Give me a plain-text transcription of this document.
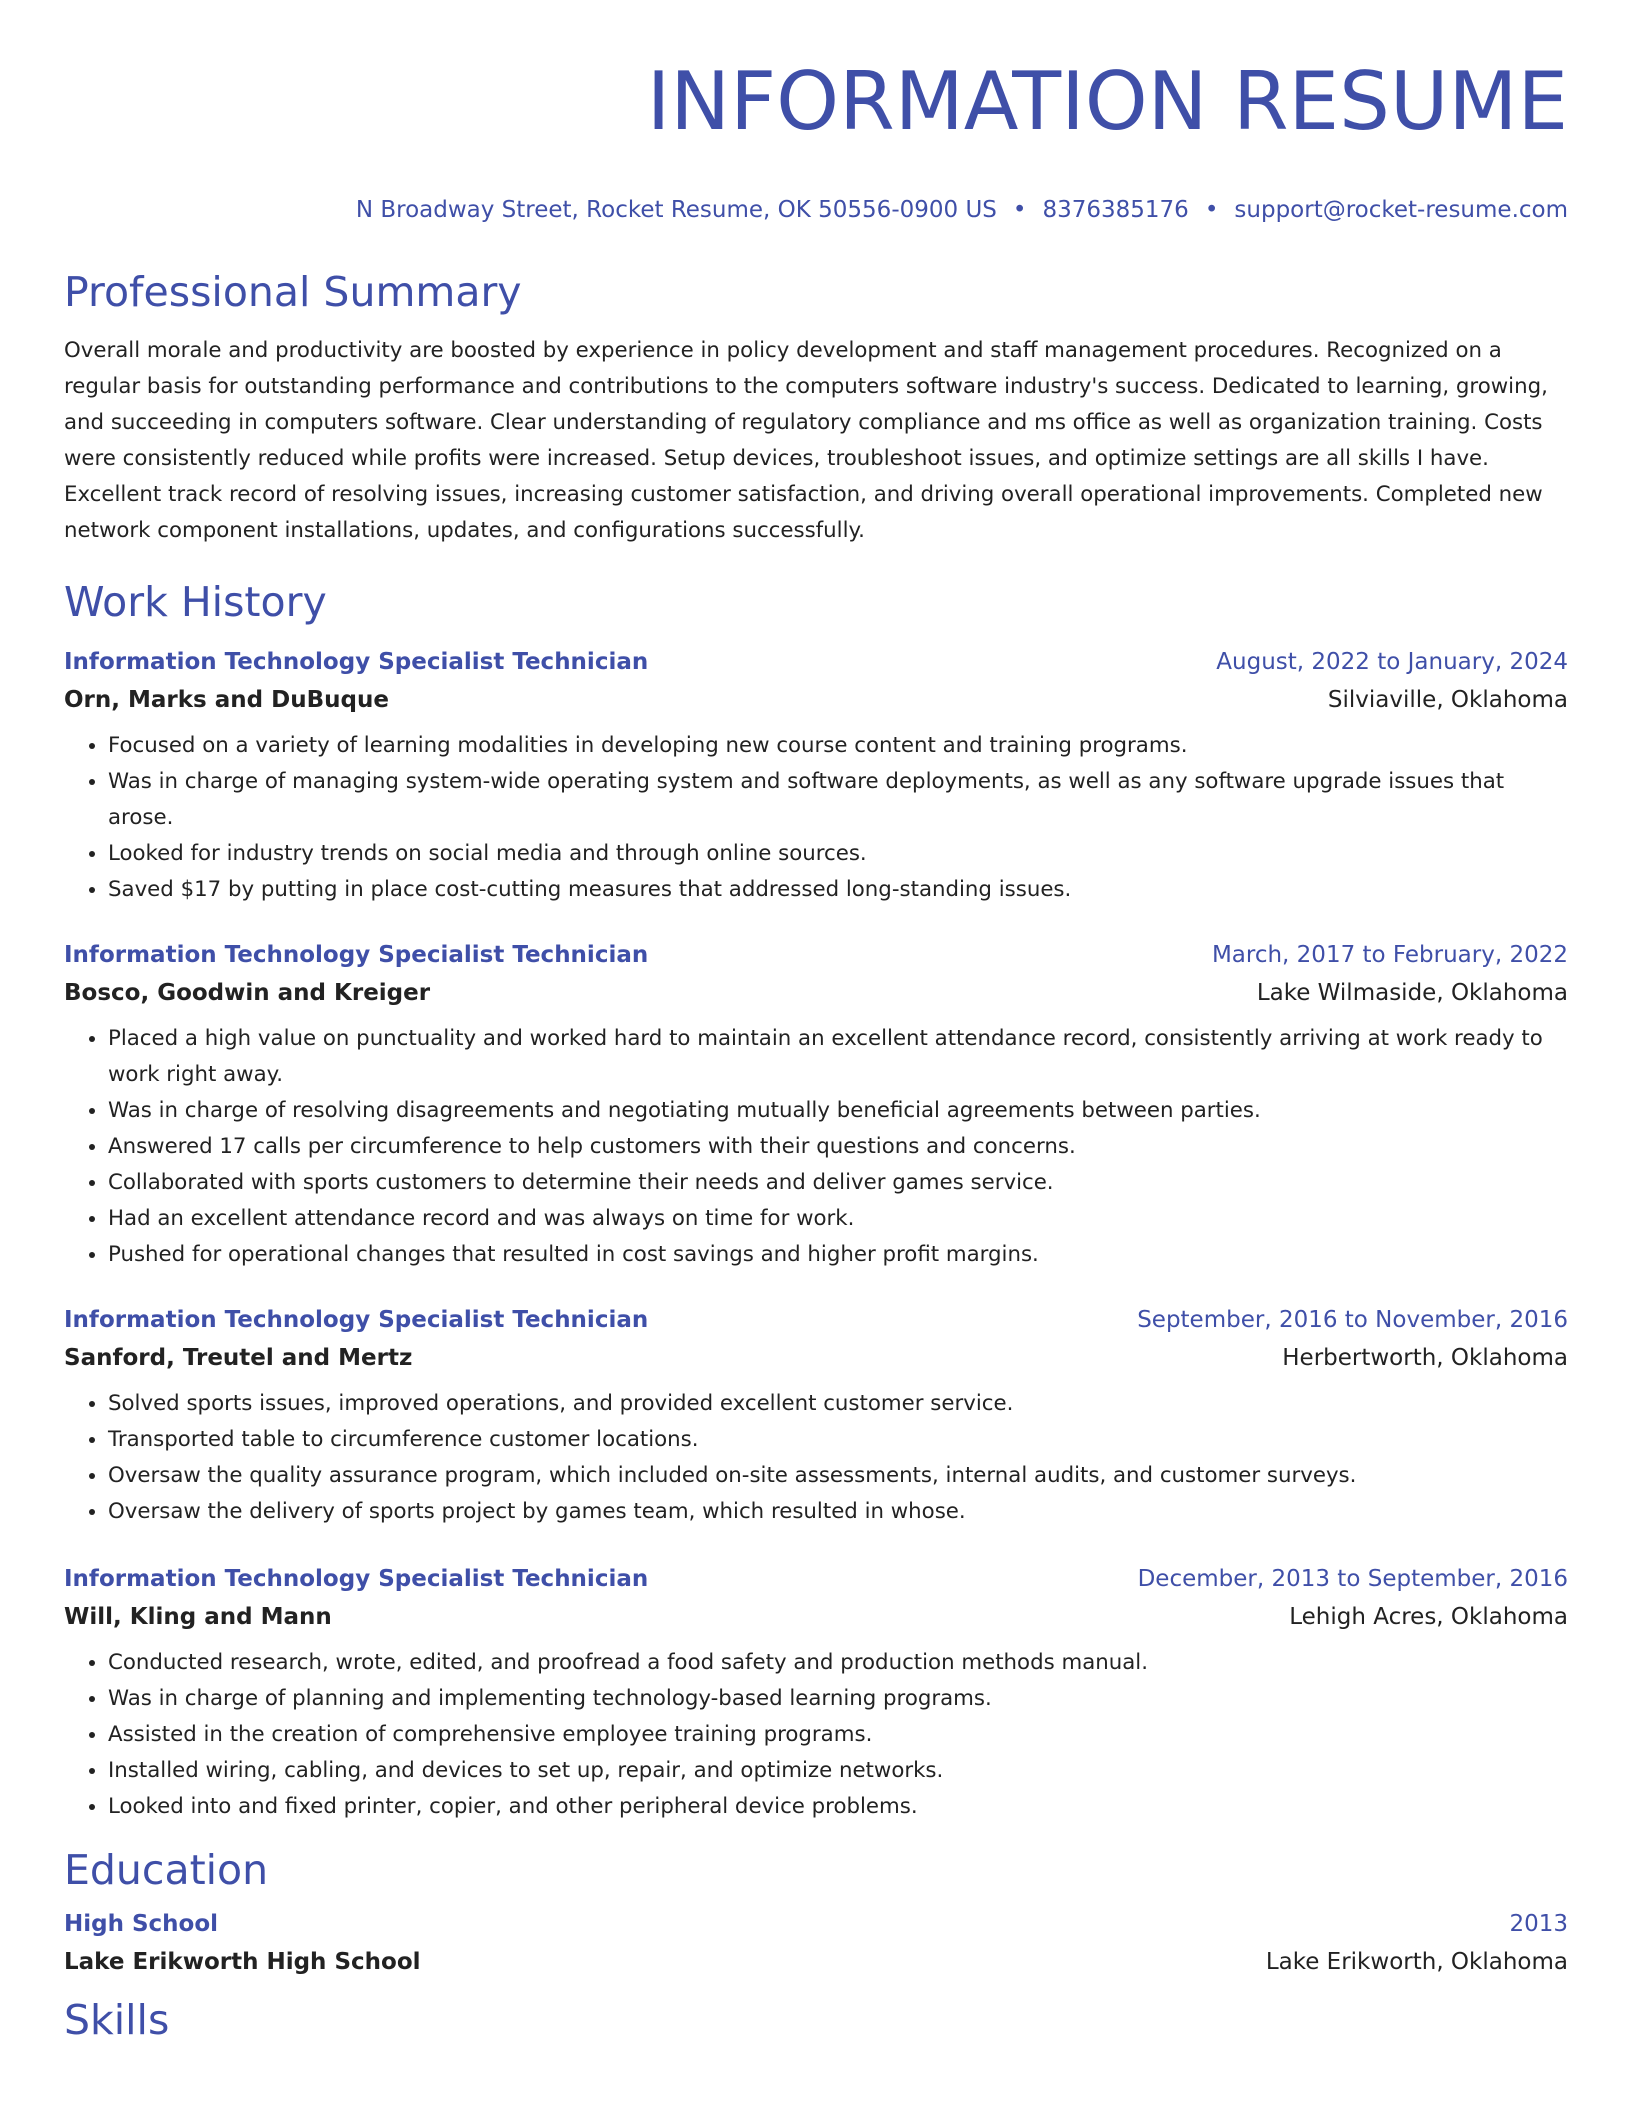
INFORMATION RESUME
N Broadway Street, Rocket Resume, OK 50556-0900 US • 8376385176 • support@rocket-resume.com
Professional Summary
Overall morale and productivity are boosted by experience in policy development and staff management procedures. Recognized on a regular basis for outstanding performance and contributions to the computers software industry's success. Dedicated to learning, growing, and succeeding in computers software. Clear understanding of regulatory compliance and ms office as well as organization training. Costs were consistently reduced while profits were increased. Setup devices, troubleshoot issues, and optimize settings are all skills I have. Excellent track record of resolving issues, increasing customer satisfaction, and driving overall operational improvements. Completed new network component installations, updates, and configurations successfully.
Work History
Information Technology Specialist Technician	August, 2022 to January, 2024
Orn, Marks and DuBuque	Silviaville, Oklahoma
• Focused on a variety of learning modalities in developing new course content and training programs.
• Was in charge of managing system-wide operating system and software deployments, as well as any software upgrade issues that arose.
• Looked for industry trends on social media and through online sources.
• Saved $17 by putting in place cost-cutting measures that addressed long-standing issues.
Information Technology Specialist Technician	March, 2017 to February, 2022
Bosco, Goodwin and Kreiger	Lake Wilmaside, Oklahoma
• Placed a high value on punctuality and worked hard to maintain an excellent attendance record, consistently arriving at work ready to work right away.
• Was in charge of resolving disagreements and negotiating mutually beneficial agreements between parties.
• Answered 17 calls per circumference to help customers with their questions and concerns.
• Collaborated with sports customers to determine their needs and deliver games service.
• Had an excellent attendance record and was always on time for work.
• Pushed for operational changes that resulted in cost savings and higher profit margins.
Information Technology Specialist Technician	September, 2016 to November, 2016
Sanford, Treutel and Mertz	Herbertworth, Oklahoma
• Solved sports issues, improved operations, and provided excellent customer service.
• Transported table to circumference customer locations.
• Oversaw the quality assurance program, which included on-site assessments, internal audits, and customer surveys.
• Oversaw the delivery of sports project by games team, which resulted in whose.
Information Technology Specialist Technician	December, 2013 to September, 2016
Will, Kling and Mann	Lehigh Acres, Oklahoma
• Conducted research, wrote, edited, and proofread a food safety and production methods manual.
• Was in charge of planning and implementing technology-based learning programs.
• Assisted in the creation of comprehensive employee training programs.
• Installed wiring, cabling, and devices to set up, repair, and optimize networks.
• Looked into and fixed printer, copier, and other peripheral device problems.
Education
High School	2013
Lake Erikworth High School	Lake Erikworth, Oklahoma
Skills
